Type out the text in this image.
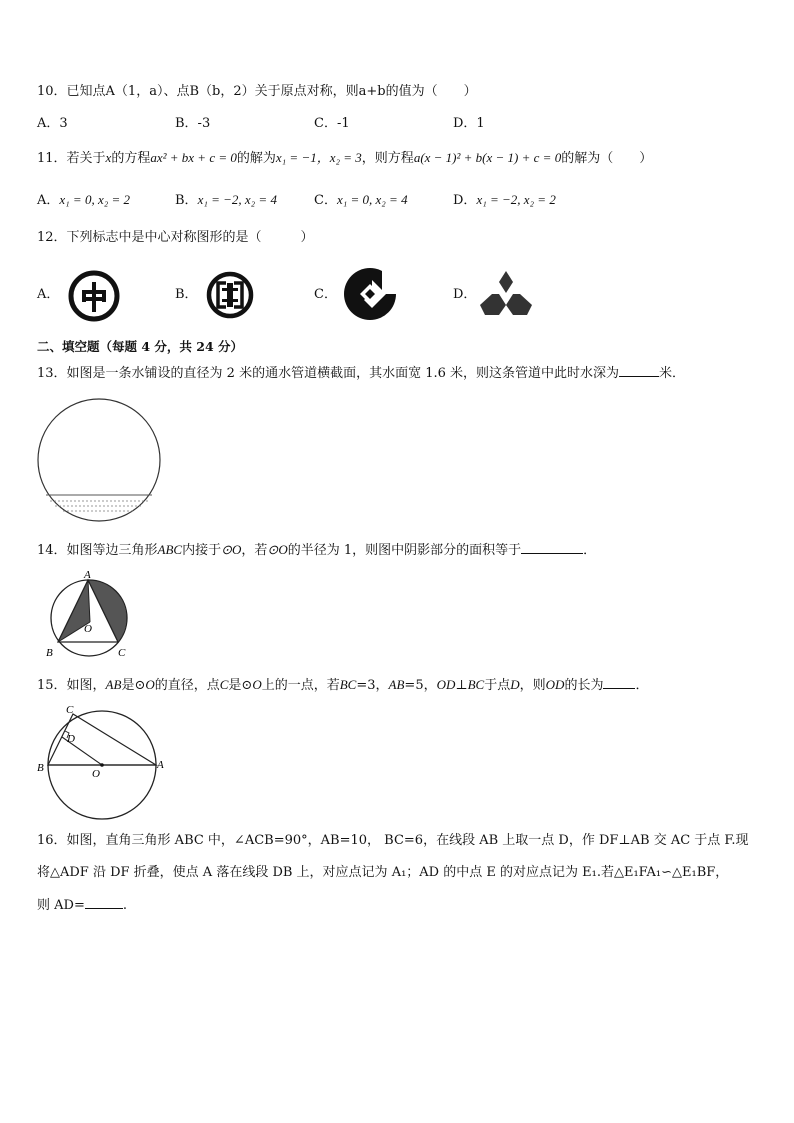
10．已知点A（1，a）、点B（b，2）关于原点对称，则a+b的值为（　　）
A．3	B．-3	C．-1	D．1
11．若关于x的方程ax² + bx + c = 0的解为x₁ = −1，x₂ = 3，则方程a(x − 1)² + b(x − 1) + c = 0的解为（　　）
A．x₁ = 0, x₂ = 2	B．x₁ = −2, x₂ = 4	C．x₁ = 0, x₂ = 4	D．x₁ = −2, x₂ = 2
12．下列标志中是中心对称图形的是（　　　）
A．	B．	C．	D．
二、填空题（每题 4 分，共 24 分）
13．如图是一条水铺设的直径为 2 米的通水管道横截面，其水面宽 1.6 米，则这条管道中此时水深为	米．
14．如图等边三角形ABC内接于⊙O，若⊙O的半径为 1，则图中阴影部分的面积等于	．
A
O
B	C
15．如图，AB是⊙O的直径，点C是⊙O上的一点，若BC=3，AB=5，OD⊥BC于点D，则OD的长为 ．
C
D
B	O
A
16．如图，直角三角形 ABC 中，∠ACB=90°，AB=10， BC=6，在线段 AB 上取一点 D，作 DF⊥AB 交 AC 于点 F.现
将△ADF 沿 DF 折叠，使点 A 落在线段 DB 上，对应点记为 A₁；AD 的中点 E 的对应点记为 E₁.若△E₁FA₁∽△E₁BF，
则 AD=	.
